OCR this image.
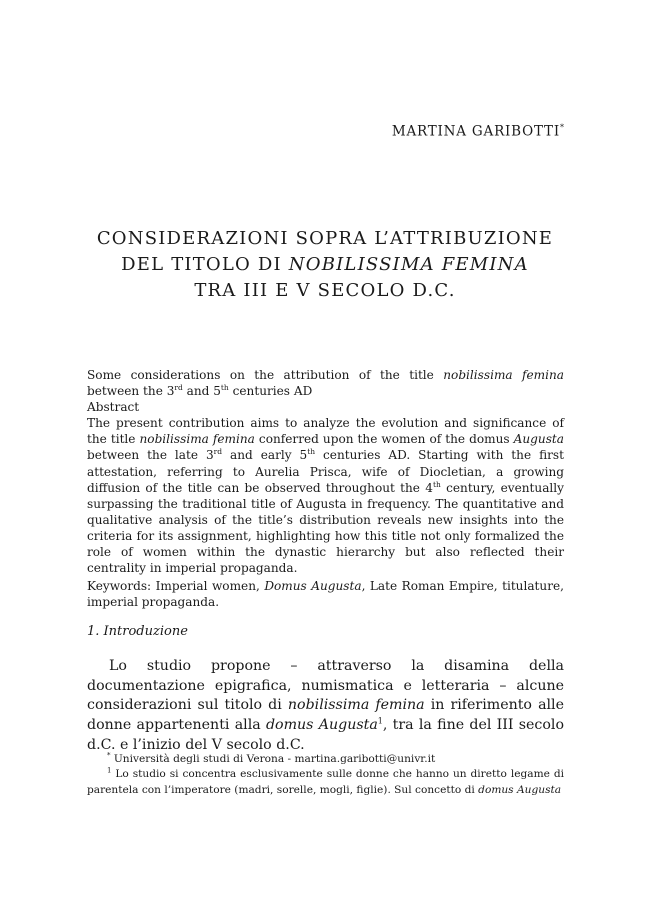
MARTINA GARIBOTTI*
CONSIDERAZIONI SOPRA L’ATTRIBUZIONE
DEL TITOLO DI NOBILISSIMA FEMINA
TRA III E V SECOLO D.C.

Some considerations on the attribution of the title nobilissima femina between the 3rd and 5th centuries AD

Abstract

The present contribution aims to analyze the evolution and significance of the title nobilissima femina conferred upon the women of the domus Augusta between the late 3rd and early 5th centuries AD. Starting with the first attestation, referring to Aurelia Prisca, wife of Diocletian, a growing diffusion of the title can be observed throughout the 4th century, eventually surpassing the traditional title of Augusta in frequency. The quantitative and qualitative analysis of the title’s distribution reveals new insights into the criteria for its assignment, highlighting how this title not only formalized the role of women within the dynastic hierarchy but also reflected their centrality in imperial propaganda.

Keywords: Imperial women, Domus Augusta, Late Roman Empire, titulature, imperial propaganda.

1. Introduzione
Lo studio propone – attraverso la disamina della documentazione epigrafica, numismatica e letteraria – alcune considerazioni sul titolo di nobilissima femina in riferimento alle donne appartenenti alla domus Augusta$^1$, tra la fine del III secolo d.C. e l’inizio del V secolo d.C.

* Università degli studi di Verona - martina.garibotti@univr.it

$^1$ Lo studio si concentra esclusivamente sulle donne che hanno un diretto legame di parentela con l’imperatore (madri, sorelle, mogli, figlie). Sul concetto di domus Augusta
